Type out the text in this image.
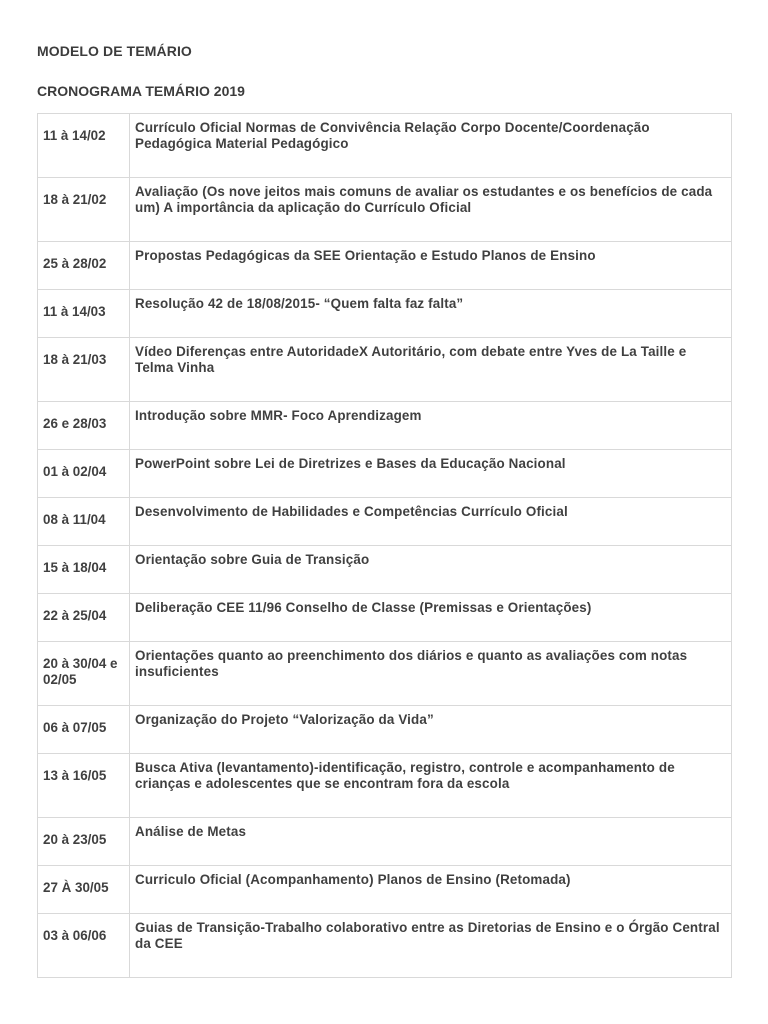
MODELO DE TEMÁRIO
CRONOGRAMA TEMÁRIO 2019
11 à 14/02	Currículo Oficial Normas de Convivência Relação Corpo Docente/Coordenação Pedagógica Material Pedagógico

18 à 21/02	Avaliação (Os nove jeitos mais comuns de avaliar os estudantes e os benefícios de cada um) A importância da aplicação do Currículo Oficial

25 à 28/02	Propostas Pedagógicas da SEE Orientação e Estudo Planos de Ensino

11 à 14/03	Resolução 42 de 18/08/2015- “Quem falta faz falta”

18 à 21/03	Vídeo Diferenças entre AutoridadeX Autoritário, com debate entre Yves de La Taille e Telma Vinha

26 e 28/03	Introdução sobre MMR- Foco Aprendizagem

01 à 02/04	PowerPoint sobre Lei de Diretrizes e Bases da Educação Nacional

08 à 11/04	Desenvolvimento de Habilidades e Competências Currículo Oficial

15 à 18/04	Orientação sobre Guia de Transição

22 à 25/04	Deliberação CEE 11/96 Conselho de Classe (Premissas e Orientações)

20 à 30/04 e 02/05	Orientações quanto ao preenchimento dos diários e quanto as avaliações com notas insuficientes

06 à 07/05	Organização do Projeto “Valorização da Vida”

13 à 16/05	Busca Ativa (levantamento)-identificação, registro, controle e acompanhamento de crianças e adolescentes que se encontram fora da escola

20 à 23/05	Análise de Metas

27 À 30/05	Curriculo Oficial (Acompanhamento) Planos de Ensino (Retomada)

03 à 06/06	Guias de Transição-Trabalho colaborativo entre as Diretorias de Ensino e o Órgão Central da CEE
